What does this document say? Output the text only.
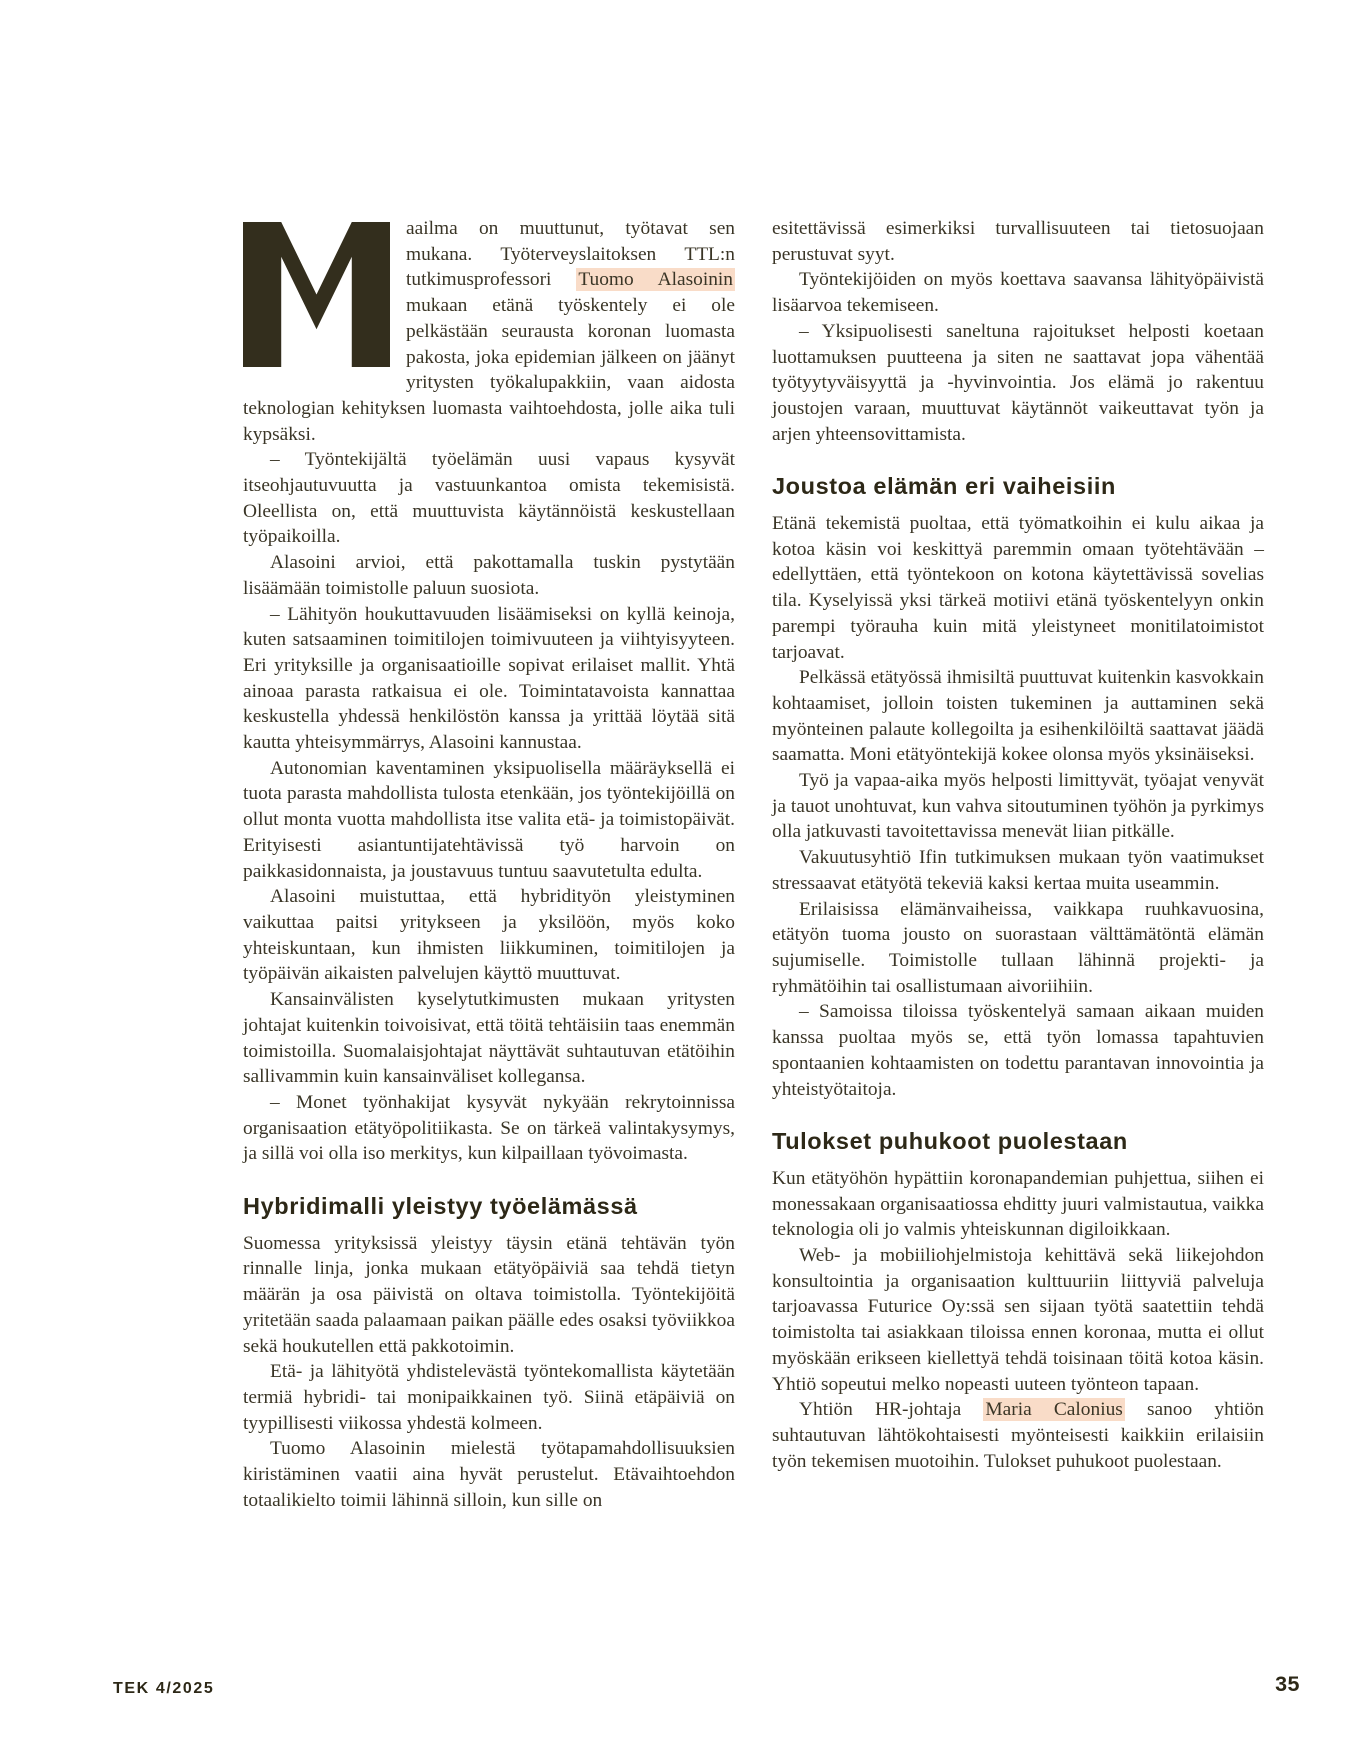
aailma on muuttunut, työtavat sen mukana. Työterveyslaitoksen TTL:n tutkimusprofessori Tuomo Alasoinin mukaan etänä työskentely ei ole pelkästään seurausta koronan luomasta pakosta, joka epidemian jälkeen on jäänyt yritysten työkalupakkiin, vaan aidosta teknologian kehityksen luomasta vaihtoehdosta, jolle aika tuli kypsäksi.

– Työntekijältä työelämän uusi vapaus kysyvät itseohjautuvuutta ja vastuunkantoa omista tekemisistä. Oleellista on, että muuttuvista käytännöistä keskustellaan työpaikoilla.

Alasoini arvioi, että pakottamalla tuskin pystytään lisäämään toimistolle paluun suosiota.

– Lähityön houkuttavuuden lisäämiseksi on kyllä keinoja, kuten satsaaminen toimitilojen toimivuuteen ja viihtyisyyteen. Eri yrityksille ja organisaatioille sopivat erilaiset mallit. Yhtä ainoaa parasta ratkaisua ei ole. Toimintatavoista kannattaa keskustella yhdessä henkilöstön kanssa ja yrittää löytää sitä kautta yhteisymmärrys, Alasoini kannustaa.

Autonomian kaventaminen yksipuolisella määräyksellä ei tuota parasta mahdollista tulosta etenkään, jos työntekijöillä on ollut monta vuotta mahdollista itse valita etä- ja toimistopäivät. Erityisesti asiantuntijatehtävissä työ harvoin on paikkasidonnaista, ja joustavuus tuntuu saavutetulta edulta.

Alasoini muistuttaa, että hybridityön yleistyminen vaikuttaa paitsi yritykseen ja yksilöön, myös koko yhteiskuntaan, kun ihmisten liikkuminen, toimitilojen ja työpäivän aikaisten palvelujen käyttö muuttuvat.

Kansainvälisten kyselytutkimusten mukaan yritysten johtajat kuitenkin toivoisivat, että töitä tehtäisiin taas enemmän toimistoilla. Suomalaisjohtajat näyttävät suhtautuvan etätöihin sallivammin kuin kansainväliset kollegansa.

– Monet työnhakijat kysyvät nykyään rekrytoinnissa organisaation etätyöpolitiikasta. Se on tärkeä valintakysymys, ja sillä voi olla iso merkitys, kun kilpaillaan työvoimasta.

Hybridimalli yleistyy työelämässä

Suomessa yrityksissä yleistyy täysin etänä tehtävän työn rinnalle linja, jonka mukaan etätyöpäiviä saa tehdä tietyn määrän ja osa päivistä on oltava toimistolla. Työntekijöitä yritetään saada palaamaan paikan päälle edes osaksi työviikkoa sekä houkutellen että pakkotoimin.

Etä- ja lähityötä yhdistelevästä työntekomallista käytetään termiä hybridi- tai monipaikkainen työ. Siinä etäpäiviä on tyypillisesti viikossa yhdestä kolmeen.

Tuomo Alasoinin mielestä työtapamahdollisuuksien kiristäminen vaatii aina hyvät perustelut. Etävaihtoehdon totaalikielto toimii lähinnä silloin, kun sille on

esitettävissä esimerkiksi turvallisuuteen tai tietosuojaan perustuvat syyt.

Työntekijöiden on myös koettava saavansa lähityöpäivistä lisäarvoa tekemiseen.

– Yksipuolisesti saneltuna rajoitukset helposti koetaan luottamuksen puutteena ja siten ne saattavat jopa vähentää työtyytyväisyyttä ja -hyvinvointia. Jos elämä jo rakentuu joustojen varaan, muuttuvat käytännöt vaikeuttavat työn ja arjen yhteensovittamista.

Joustoa elämän eri vaiheisiin

Etänä tekemistä puoltaa, että työmatkoihin ei kulu aikaa ja kotoa käsin voi keskittyä paremmin omaan työtehtävään – edellyttäen, että työntekoon on kotona käytettävissä sovelias tila. Kyselyissä yksi tärkeä motiivi etänä työskentelyyn onkin parempi työrauha kuin mitä yleistyneet monitilatoimistot tarjoavat.

Pelkässä etätyössä ihmisiltä puuttuvat kuitenkin kasvokkain kohtaamiset, jolloin toisten tukeminen ja auttaminen sekä myönteinen palaute kollegoilta ja esihenkilöiltä saattavat jäädä saamatta. Moni etätyöntekijä kokee olonsa myös yksinäiseksi.

Työ ja vapaa-aika myös helposti limittyvät, työajat venyvät ja tauot unohtuvat, kun vahva sitoutuminen työhön ja pyrkimys olla jatkuvasti tavoitettavissa menevät liian pitkälle.

Vakuutusyhtiö Ifin tutkimuksen mukaan työn vaatimukset stressaavat etätyötä tekeviä kaksi kertaa muita useammin.

Erilaisissa elämänvaiheissa, vaikkapa ruuhkavuosina, etätyön tuoma jousto on suorastaan välttämätöntä elämän sujumiselle. Toimistolle tullaan lähinnä projekti- ja ryhmätöihin tai osallistumaan aivoriihiin.

– Samoissa tiloissa työskentelyä samaan aikaan muiden kanssa puoltaa myös se, että työn lomassa tapahtuvien spontaanien kohtaamisten on todettu parantavan innovointia ja yhteistyötaitoja.

Tulokset puhukoot puolestaan

Kun etätyöhön hypättiin koronapandemian puhjettua, siihen ei monessakaan organisaatiossa ehditty juuri valmistautua, vaikka teknologia oli jo valmis yhteiskunnan digiloikkaan.

Web- ja mobiiliohjelmistoja kehittävä sekä liikejohdon konsultointia ja organisaation kulttuuriin liittyviä palveluja tarjoavassa Futurice Oy:ssä sen sijaan työtä saatettiin tehdä toimistolta tai asiakkaan tiloissa ennen koronaa, mutta ei ollut myöskään erikseen kiellettyä tehdä toisinaan töitä kotoa käsin. Yhtiö sopeutui melko nopeasti uuteen työnteon tapaan.

Yhtiön HR-johtaja Maria Calonius sanoo yhtiön suhtautuvan lähtökohtaisesti myönteisesti kaikkiin erilaisiin työn tekemisen muotoihin. Tulokset puhukoot puolestaan.

TEK 4/2025	35
